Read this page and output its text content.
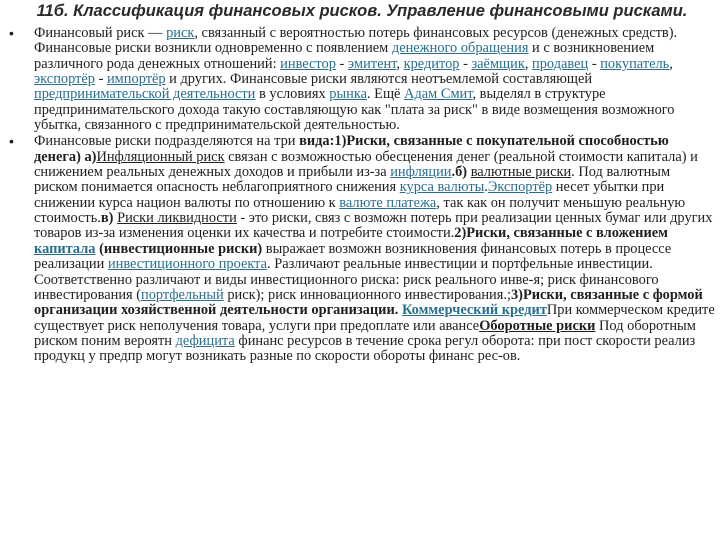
11б. Классификация финансовых рисков. Управление финансовыми рисками.
• Финансовый риск — риск, связанный с вероятностью потерь финансовых ресурсов (денежных средств). Финансовые риски возникли одновременно с появлением денежного обращения и с возникновением различного рода денежных отношений: инвестор - эмитент, кредитор - заёмщик, продавец - покупатель, экспортёр - импортёр и других. Финансовые риски являются неотъемлемой составляющей предпринимательской деятельности в условиях рынка. Ещё Адам Смит, выделял в структуре предпринимательского дохода такую составляющую как "плата за риск" в виде возмещения возможного убытка, связанного с предпринимательской деятельностью.
• Финансовые риски подразделяются на три вида:1)Риски, связанные с покупательной способностью денега) а)Инфляционный риск связан с возможностью обесценения денег (реальной стоимости капитала) и снижением реальных денежных доходов и прибыли из-за инфляции.б) валютные риски. Под валютным риском понимается опасность неблагоприятного снижения курса валюты.Экспортёр несет убытки при снижении курса национ валюты по отношению к валюте платежа, так как он получит меньшую реальную стоимость.в) Риски ликвидности - это риски, связ с возможн потерь при реализации ценных бумаг или других товаров из-за изменения оценки их качества и потребите стоимости.2)Риски, связанные с вложением капитала (инвестиционные риски) выражает возможн возникновения финансовых потерь в процессе реализации инвестиционного проекта. Различают реальные инвестиции и портфельные инвестиции. Соответственно различают и виды инвестиционного риска: риск реального инве-я; риск финансового инвестирования (портфельный риск); риск инновационного инвестирования.;3)Риски, связанные с формой организации хозяйственной деятельности организации. Коммерческий кредитПри коммерческом кредите существует риск неполучения товара, услуги при предоплате или авансеОборотные риски Под оборотным риском поним вероятн дефицита финанс ресурсов в течение срока регул оборота: при пост скорости реализ продукц у предпр могут возникать разные по скорости обороты финанс рес-ов.
